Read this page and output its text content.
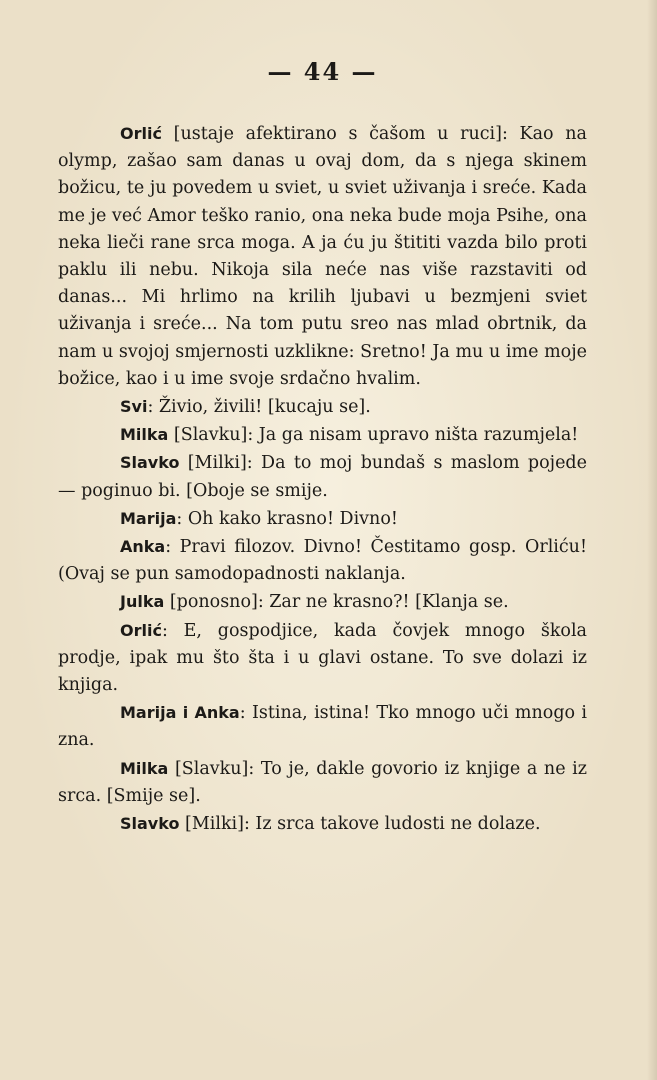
— 44 —

Orlić [ustaje afektirano s čašom u ruci]: Kao na olymp, zašao sam danas u ovaj dom, da s njega skinem božicu, te ju povedem u sviet, u sviet uživanja i sreće. Kada me je već Amor teško ranio, ona neka bude moja Psihe, ona neka lieči rane srca moga. A ja ću ju štititi vazda bilo proti paklu ili nebu. Nikoja sila neće nas više razstaviti od danas... Mi hrlimo na krilih ljubavi u bezmjeni sviet uživanja i sreće... Na tom putu sreo nas mlad obrtnik, da nam u svojoj smjernosti uzklikne: Sretno! Ja mu u ime moje božice, kao i u ime svoje srdačno hvalim.

Svi: Živio, živili! [kucaju se].

Milka [Slavku]: Ja ga nisam upravo ništa razumjela!

Slavko [Milki]: Da to moj bundaš s maslom pojede — poginuo bi. [Oboje se smije.

Marija: Oh kako krasno! Divno!

Anka: Pravi filozov. Divno! Čestitamo gosp. Orliću! (Ovaj se pun samodopadnosti naklanja.

Julka [ponosno]: Zar ne krasno?! [Klanja se.

Orlić: E, gospodjice, kada čovjek mnogo škola prodje, ipak mu što šta i u glavi ostane. To sve dolazi iz knjiga.

Marija i Anka: Istina, istina! Tko mnogo uči mnogo i zna.

Milka [Slavku]: To je, dakle govorio iz knjige a ne iz srca. [Smije se].

Slavko [Milki]: Iz srca takove ludosti ne dolaze.
